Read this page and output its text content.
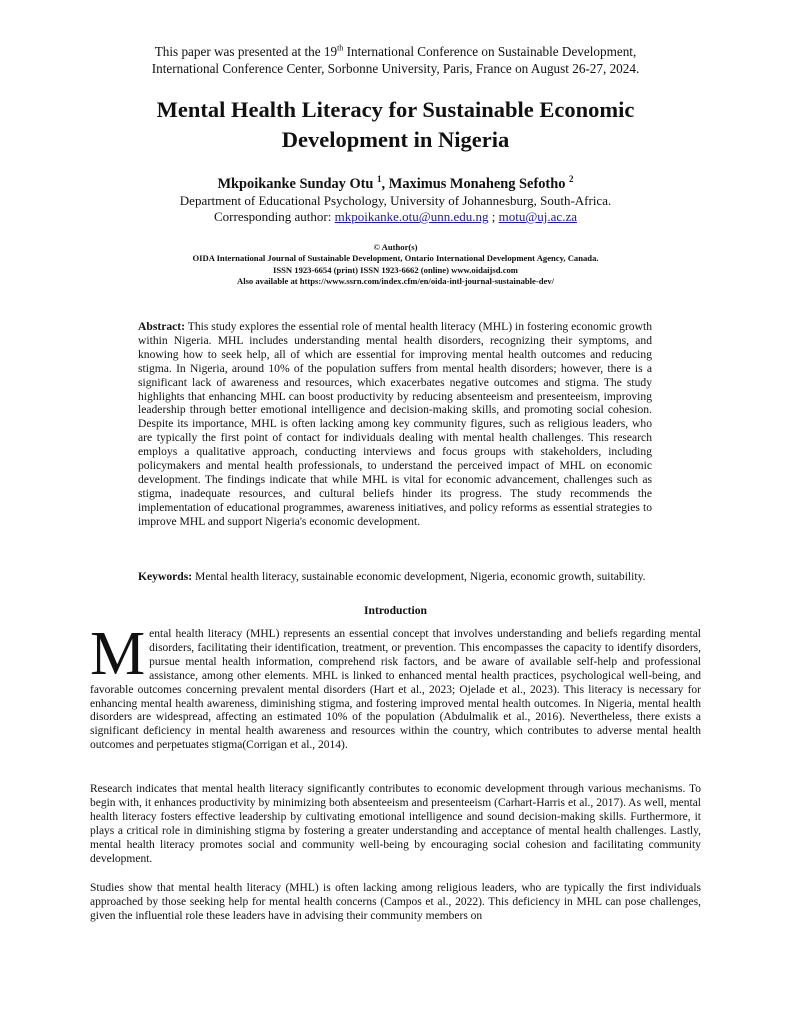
This paper was presented at the 19th International Conference on Sustainable Development,
International Conference Center, Sorbonne University, Paris, France on August 26-27, 2024.
Mental Health Literacy for Sustainable Economic Development in Nigeria
Mkpoikanke Sunday Otu $^1$, Maximus Monaheng Sefotho $^2$
Department of Educational Psychology, University of Johannesburg, South-Africa.
Corresponding author: mkpoikanke.otu@unn.edu.ng ; motu@uj.ac.za
© Author(s)
OIDA International Journal of Sustainable Development, Ontario International Development Agency, Canada.
ISSN 1923-6654 (print) ISSN 1923-6662 (online) www.oidaijsd.com
Also available at https://www.ssrn.com/index.cfm/en/oida-intl-journal-sustainable-dev/
Abstract: This study explores the essential role of mental health literacy (MHL) in fostering economic growth within Nigeria. MHL includes understanding mental health disorders, recognizing their symptoms, and knowing how to seek help, all of which are essential for improving mental health outcomes and reducing stigma. In Nigeria, around 10% of the population suffers from mental health disorders; however, there is a significant lack of awareness and resources, which exacerbates negative outcomes and stigma. The study highlights that enhancing MHL can boost productivity by reducing absenteeism and presenteeism, improving leadership through better emotional intelligence and decision-making skills, and promoting social cohesion. Despite its importance, MHL is often lacking among key community figures, such as religious leaders, who are typically the first point of contact for individuals dealing with mental health challenges. This research employs a qualitative approach, conducting interviews and focus groups with stakeholders, including policymakers and mental health professionals, to understand the perceived impact of MHL on economic development. The findings indicate that while MHL is vital for economic advancement, challenges such as stigma, inadequate resources, and cultural beliefs hinder its progress. The study recommends the implementation of educational programmes, awareness initiatives, and policy reforms as essential strategies to improve MHL and support Nigeria's economic development.
Keywords: Mental health literacy, sustainable economic development, Nigeria, economic growth, suitability.
Introduction
Mental health literacy (MHL) represents an essential concept that involves understanding and beliefs regarding mental disorders, facilitating their identification, treatment, or prevention. This encompasses the capacity to identify disorders, pursue mental health information, comprehend risk factors, and be aware of available self-help and professional assistance, among other elements. MHL is linked to enhanced mental health practices, psychological well-being, and favorable outcomes concerning prevalent mental disorders (Hart et al., 2023; Ojelade et al., 2023). This literacy is necessary for enhancing mental health awareness, diminishing stigma, and fostering improved mental health outcomes. In Nigeria, mental health disorders are widespread, affecting an estimated 10% of the population (Abdulmalik et al., 2016). Nevertheless, there exists a significant deficiency in mental health awareness and resources within the country, which contributes to adverse mental health outcomes and perpetuates stigma(Corrigan et al., 2014).
Research indicates that mental health literacy significantly contributes to economic development through various mechanisms. To begin with, it enhances productivity by minimizing both absenteeism and presenteeism (Carhart-Harris et al., 2017). As well, mental health literacy fosters effective leadership by cultivating emotional intelligence and sound decision-making skills. Furthermore, it plays a critical role in diminishing stigma by fostering a greater understanding and acceptance of mental health challenges. Lastly, mental health literacy promotes social and community well-being by encouraging social cohesion and facilitating community development.
Studies show that mental health literacy (MHL) is often lacking among religious leaders, who are typically the first individuals approached by those seeking help for mental health concerns (Campos et al., 2022). This deficiency in MHL can pose challenges, given the influential role these leaders have in advising their community members on
